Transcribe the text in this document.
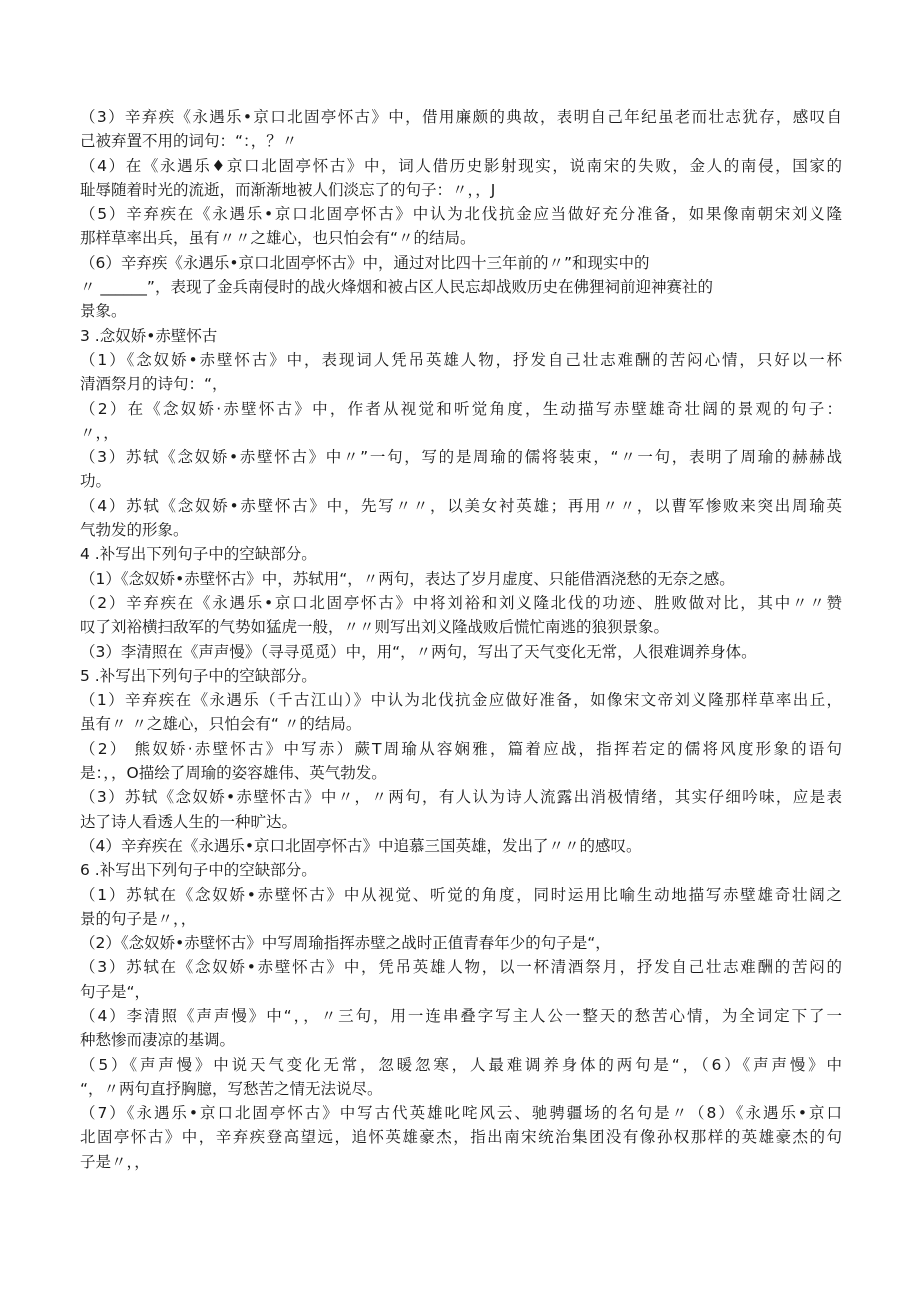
（3）辛弃疾《永遇乐•京口北固亭怀古》中，借用廉颇的典故，表明自己年纪虽老而壮志犹存，感叹自
己被弃置不用的词句：“：，？〃
（4）在《永遇乐♦京口北固亭怀古》中，词人借历史影射现实，说南宋的失败，金人的南侵，国家的
耻辱随着时光的流逝，而渐渐地被人们淡忘了的句子：〃，，J
（5）辛弃疾在《永遇乐•京口北固亭怀古》中认为北伐抗金应当做好充分准备，如果像南朝宋刘义隆
那样草率出兵，虽有〃〃之雄心，也只怕会有“〃的结局。
（6）辛弃疾《永遇乐•京口北固亭怀古》中，通过对比四十三年前的〃”和现实中的
〃 ______”，表现了金兵南侵时的战火烽烟和被占区人民忘却战败历史在佛狸祠前迎神赛社的
景象。
3 .念奴娇•赤壁怀古
（1）《念奴娇•赤壁怀古》中，表现词人凭吊英雄人物，抒发自己壮志难酬的苦闷心情，只好以一杯
清酒祭月的诗句：“，
（2）在《念奴娇·赤壁怀古》中，作者从视觉和听觉角度，生动描写赤壁雄奇壮阔的景观的句子：
〃，，
（3）苏轼《念奴娇•赤壁怀古》中〃”一句，写的是周瑜的儒将装束，“〃一句，表明了周瑜的赫赫战
功。
（4）苏轼《念奴娇•赤壁怀古》中，先写〃〃，以美女衬英雄；再用〃〃，以曹军惨败来突出周瑜英
气勃发的形象。
4 .补写出下列句子中的空缺部分。
（1）《念奴娇•赤壁怀古》中，苏轼用“，〃两句，表达了岁月虚度、只能借酒浇愁的无奈之感。
（2）辛弃疾在《永遇乐•京口北固亭怀古》中将刘裕和刘义隆北伐的功迹、胜败做对比，其中〃〃赞
叹了刘裕横扫敌军的气势如猛虎一般，〃〃则写出刘义隆战败后慌忙南逃的狼狈景象。
（3）李清照在《声声慢》（寻寻觅觅）中，用“，〃两句，写出了天气变化无常，人很难调养身体。
5 .补写出下列句子中的空缺部分。
（1）辛弃疾在《永遇乐（千古江山）》中认为北伐抗金应做好准备，如像宋文帝刘义隆那样草率出丘，
虽有〃 〃之雄心，只怕会有“ 〃的结局。
（2） 熊奴娇·赤壁怀古》中写赤）蕨T周瑜从容娴雅，篇着应战，指挥若定的儒将风度形象的语句
是：，，O描绘了周瑜的姿容雄伟、英气勃发。
（3）苏轼《念奴娇•赤壁怀古》中〃，〃两句，有人认为诗人流露出消极情绪，其实仔细吟味，应是表
达了诗人看透人生的一种旷达。
（4）辛弃疾在《永遇乐•京口北固亭怀古》中追慕三国英雄，发出了〃〃的感叹。
6 .补写出下列句子中的空缺部分。
（1）苏轼在《念奴娇•赤壁怀古》中从视觉、听觉的角度，同时运用比喻生动地描写赤壁雄奇壮阔之
景的句子是〃，，
（2）《念奴娇•赤壁怀古》中写周瑜指挥赤壁之战时正值青春年少的句子是“，
（3）苏轼在《念奴娇•赤壁怀古》中，凭吊英雄人物，以一杯清酒祭月，抒发自己壮志难酬的苦闷的
句子是“，
（4）李清照《声声慢》中“，，〃三句，用一连串叠字写主人公一整天的愁苦心情，为全词定下了一
种愁惨而凄凉的基调。
（5）《声声慢》中说天气变化无常，忽暖忽寒，人最难调养身体的两句是“，（6）《声声慢》中
“，〃两句直抒胸臆，写愁苦之情无法说尽。
（7）《永遇乐•京口北固亭怀古》中写古代英雄叱咤风云、驰骋疆场的名句是〃（8）《永遇乐•京口
北固亭怀古》中，辛弃疾登高望远，追怀英雄豪杰，指出南宋统治集团没有像孙权那样的英雄豪杰的句
子是〃，，
